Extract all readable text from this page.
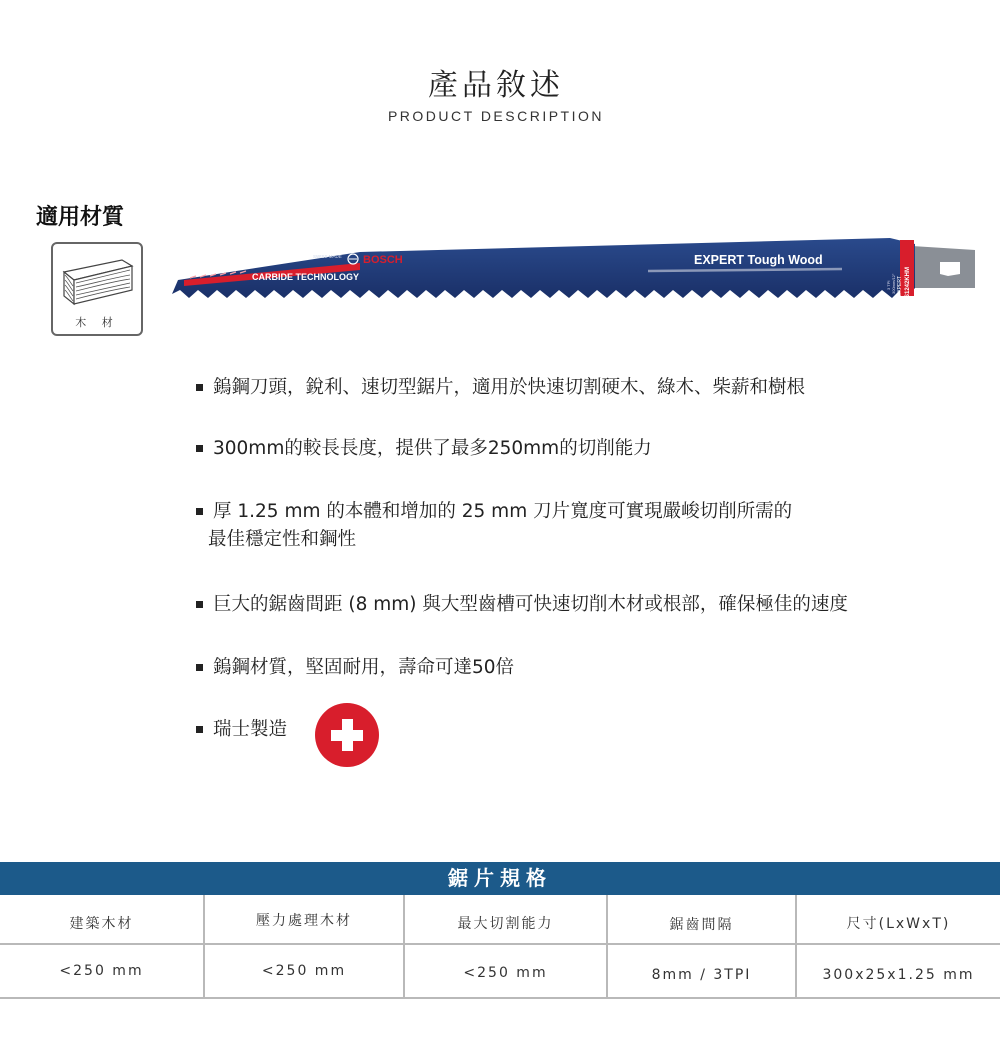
產品敘述
PRODUCT DESCRIPTION
適用材質
木 材
CARBIDE TECHNOLOGY
SWISS MADE BOSCH	EXPERT Tough Wood
S1242KHM
EXPERT
300mm/12"
3 TPI
鎢鋼刀頭，銳利、速切型鋸片，適用於快速切割硬木、綠木、柴薪和樹根
300mm的較長長度，提供了最多250mm的切削能力
厚 1.25 mm 的本體和增加的 25 mm 刀片寬度可實現嚴峻切削所需的
最佳穩定性和鋼性
巨大的鋸齒間距 (8 mm) 與大型齒槽可快速切削木材或根部，確保極佳的速度
鎢鋼材質，堅固耐用，壽命可達50倍
瑞士製造
鋸片規格
建築木材	壓力處理木材	最大切割能力	鋸齒間隔	尺寸(LxWxT)
<250 mm	<250 mm	<250 mm	8mm / 3TPI	300x25x1.25 mm
